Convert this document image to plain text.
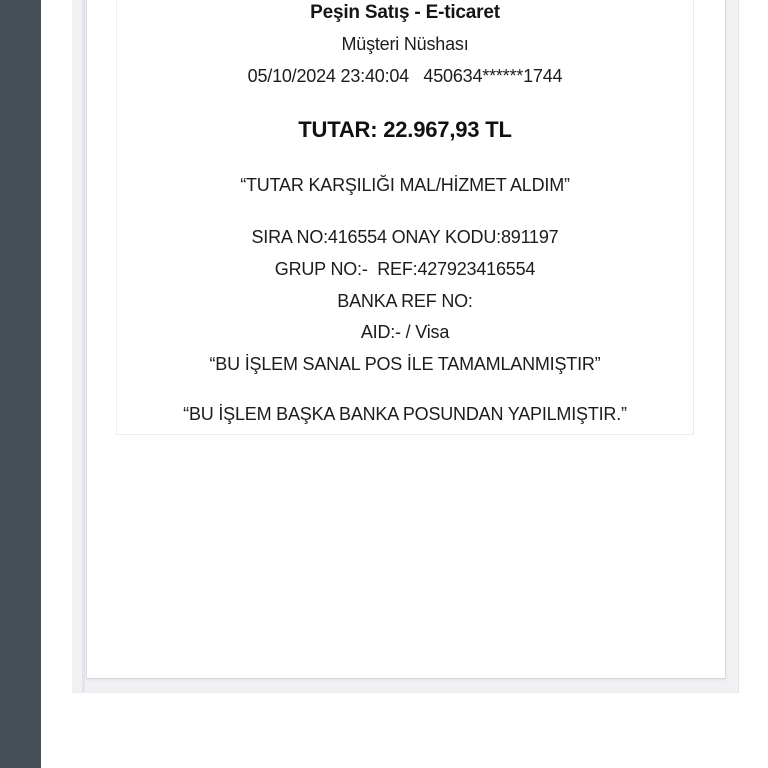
Peşin Satış - E-ticaret
Müşteri Nüshası
05/10/2024 23:40:04   450634******1744
TUTAR: 22.967,93 TL
“TUTAR KARŞILIĞI MAL/HİZMET ALDIM”
SIRA NO:416554 ONAY KODU:891197
GRUP NO:-  REF:427923416554
BANKA REF NO:
AID:- / Visa
“BU İŞLEM SANAL POS İLE TAMAMLANMIŞTIR”
“BU İŞLEM BAŞKA BANKA POSUNDAN YAPILMIŞTIR.”
